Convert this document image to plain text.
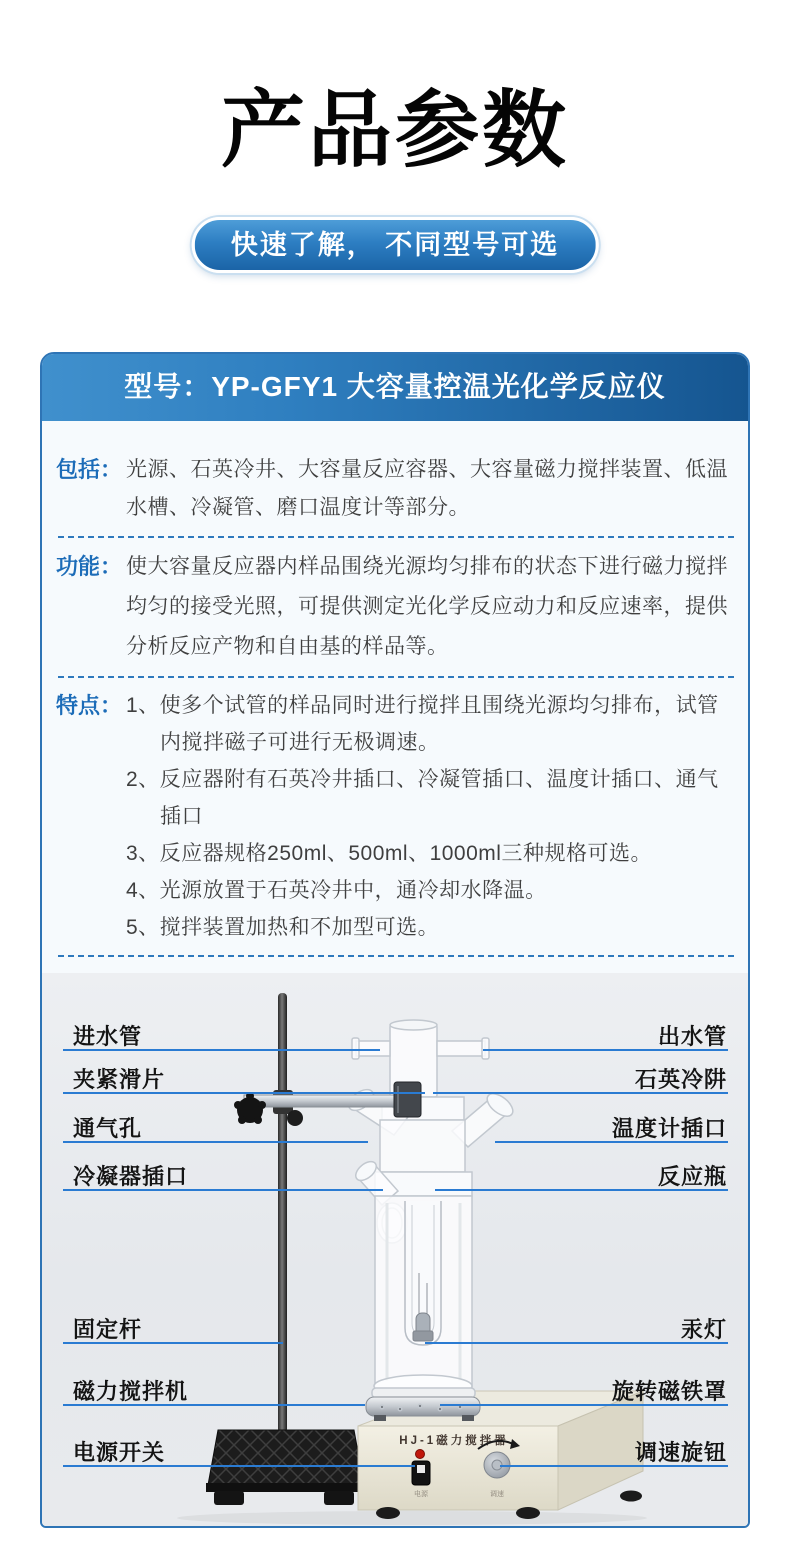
产品参数
快速了解， 不同型号可选
型号：YP-GFY1 大容量控温光化学反应仪
包括： 光源、石英冷井、大容量反应容器、大容量磁力搅拌装置、低温水槽、冷凝管、磨口温度计等部分。
功能： 使大容量反应器内样品围绕光源均匀排布的状态下进行磁力搅拌均匀的接受光照，可提供测定光化学反应动力和反应速率，提供分析反应产物和自由基的样品等。
特点： 1、使多个试管的样品同时进行搅拌且围绕光源均匀排布，试管内搅拌磁子可进行无极调速。
2、反应器附有石英冷井插口、冷凝管插口、温度计插口、通气插口
3、反应器规格250ml、500ml、1000ml三种规格可选。
4、光源放置于石英冷井中，通冷却水降温。
5、搅拌装置加热和不加型可选。
HJ-1磁力搅拌器
电源	调速
进水管
夹紧滑片
通气孔
冷凝器插口
固定杆
磁力搅拌机
电源开关
出水管
石英冷阱
温度计插口
反应瓶
汞灯
旋转磁铁罩
调速旋钮
